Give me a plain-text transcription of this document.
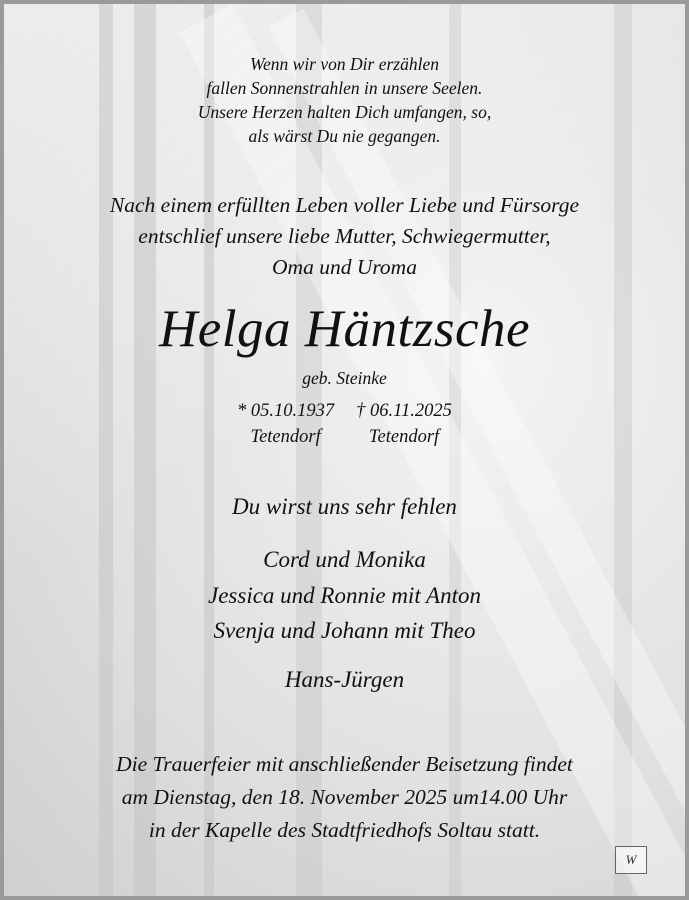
Wenn wir von Dir erzählen
fallen Sonnenstrahlen in unsere Seelen.
Unsere Herzen halten Dich umfangen, so,
als wärst Du nie gegangen.
Nach einem erfüllten Leben voller Liebe und Fürsorge
entschlief unsere liebe Mutter, Schwiegermutter,
Oma und Uroma
Helga Häntzsche
geb. Steinke
* 05.10.1937
Tetendorf
† 06.11.2025
Tetendorf
Du wirst uns sehr fehlen
Cord und Monika
Jessica und Ronnie mit Anton
Svenja und Johann mit Theo
Hans-Jürgen
Die Trauerfeier mit anschließender Beisetzung findet
am Dienstag, den 18. November 2025 um14.00 Uhr
in der Kapelle des Stadtfriedhofs Soltau statt.
W
